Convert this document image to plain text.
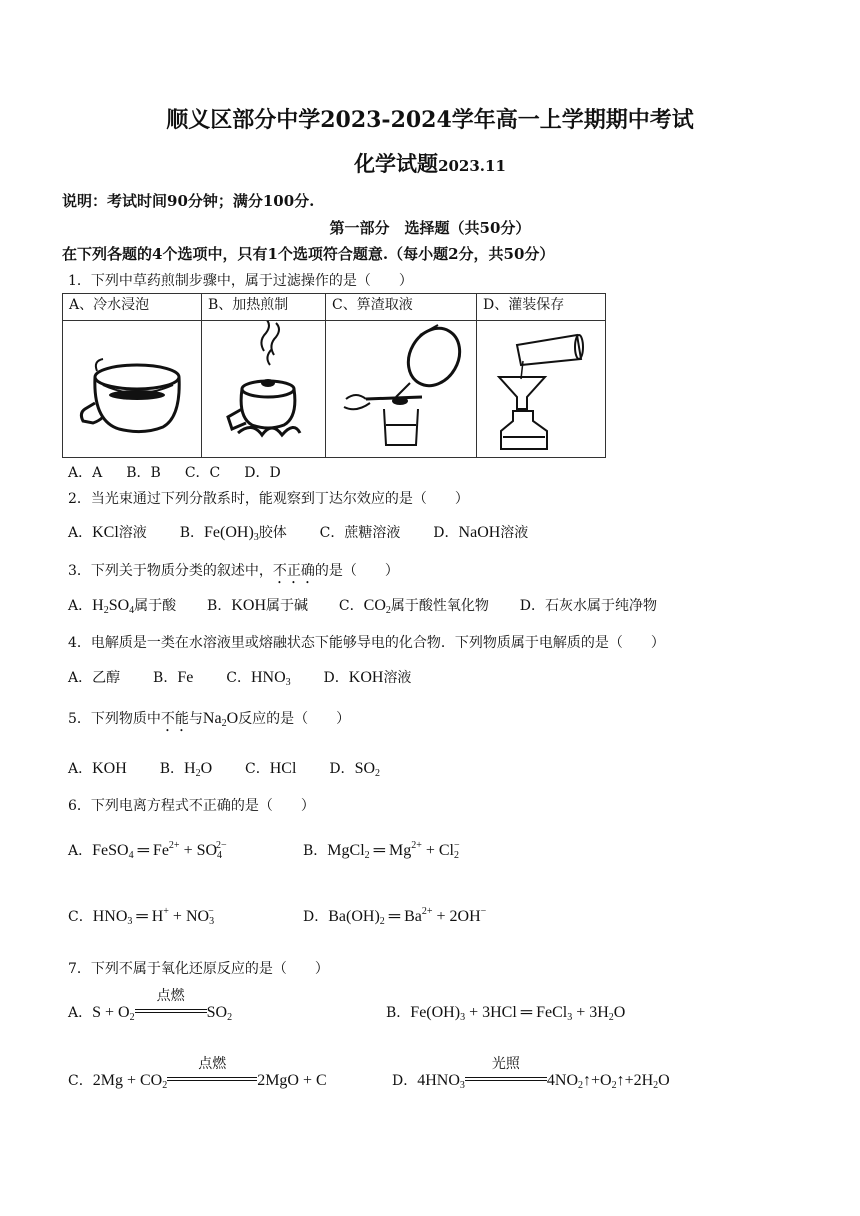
顺义区部分中学2023-2024学年高一上学期期中考试
化学试题2023.11
说明：考试时间90分钟；满分100分.
第一部分　选择题（共50分）
在下列各题的4个选项中，只有1个选项符合题意.（每小题2分，共50分）
1．下列中草药煎制步骤中，属于过滤操作的是（　　）
A、冷水浸泡	B、加热煎制	C、箅渣取液	D、灌装保存

A．A B．B C．C D．D
2．当光束通过下列分散系时，能观察到丁达尔效应的是（　　）
A．KCl溶液 B．$Fe(OH)_3$胶体 C．蔗糖溶液 D．NaOH溶液
3．下列关于物质分类的叙述中，不正确的是（　　）
A．$H_2SO_4$属于酸 B．KOH属于碱 C．$CO_2$属于酸性氧化物 D．石灰水属于纯净物
4．电解质是一类在水溶液里或熔融状态下能够导电的化合物．下列物质属于电解质的是（　　）
A．乙醇 B．Fe C．$HNO_3$ D．KOH溶液
5．下列物质中不能与$Na_2O$反应的是（　　）
A．KOH B．$H_2O$ C．HCl D．$SO_2$
6．下列电离方程式不正确的是（　　）
A．FeSO$_4$ ═ $Fe^{2+} + SO_4^{2-}$	B．MgCl$_2$ ═ $Mg^{2+} + Cl_2^-$
C．$HNO_3$ ═ $H^+ + NO_3^-$	D．$Ba(OH)_2$ ═ $Ba^{2+} + 2OH^-$
7．下列不属于氧化还原反应的是（　　）
A．$S + O_2$
点燃
$SO_2$	B．$Fe(OH)_3 + 3HCl$ ═ FeCl$_3$ + $3H_2O$
C．$2Mg + CO_2$
点燃
2MgO + C	D．$4HNO_3$
光照
$4NO_2↑+O_2↑+2H_2O$
